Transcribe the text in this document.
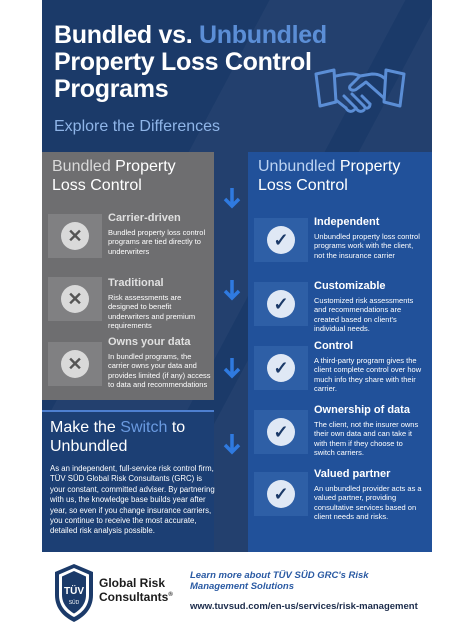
Bundled vs. Unbundled
Property Loss Control
Programs
Explore the Differences
Bundled Property
Loss Control
✕
Carrier-driven
Bundled property loss control programs are tied directly to underwriters
✕
Traditional
Risk assessments are designed to benefit underwriters and premium requirements
✕
Owns your data
In bundled programs, the carrier owns your data and provides limited (if any) access to data and recommendations
Unbundled Property
Loss Control
✓
Independent
Unbundled property loss control programs work with the client, not the insurance carrier
✓
Customizable
Customized risk assessments and recommendations are created based on client's individual needs.
✓
Control
A third-party program gives the client complete control over how much info they share with their carrier.
✓
Ownership of data
The client, not the insurer owns their own data and can take it with them if they choose to switch carriers.
✓
Valued partner
An unbundled provider acts as a valued partner, providing consultative services based on client needs and risks.
Make the Switch to
Unbundled
As an independent, full-service risk control firm, TÜV SÜD Global Risk Consultants (GRC) is your constant, committed adviser. By partnering with us, the knowledge base builds year after year, so even if you change insurance carriers, you continue to receive the most accurate, detailed risk analysis possible.
TÜV
SÜD
Global Risk
Consultants®
Learn more about TÜV SÜD GRC's Risk Management Solutions
www.tuvsud.com/en-us/services/risk-management
